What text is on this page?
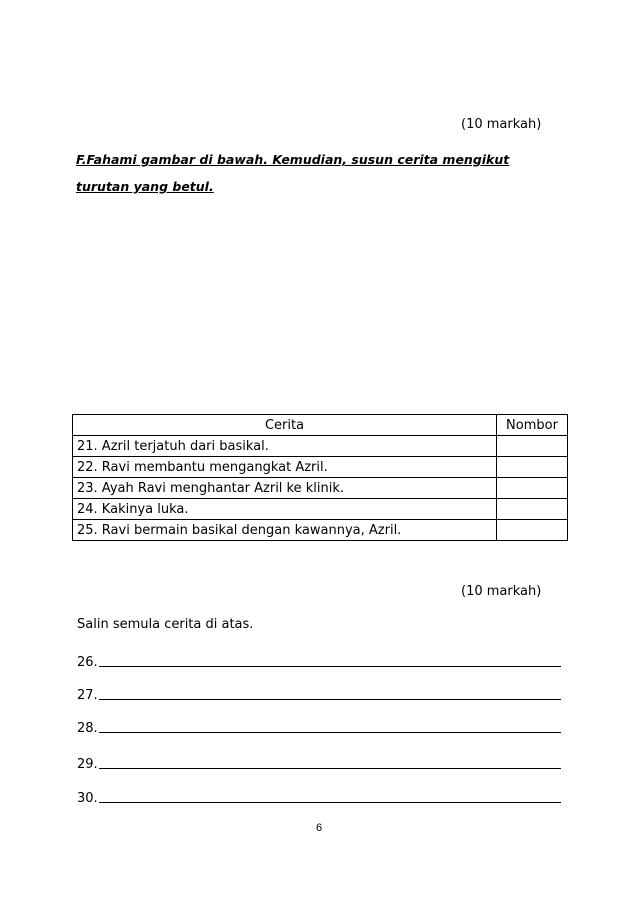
(10 markah)
F.Fahami gambar di bawah. Kemudian, susun cerita mengikut
turutan yang betul.
Cerita	Nombor
21. Azril terjatuh dari basikal.	
22. Ravi membantu mengangkat Azril.	
23. Ayah Ravi menghantar Azril ke klinik.	
24. Kakinya luka.	
25. Ravi bermain basikal dengan kawannya, Azril.	
(10 markah)
Salin semula cerita di atas.
26.
27.
28.
29.
30.
6
